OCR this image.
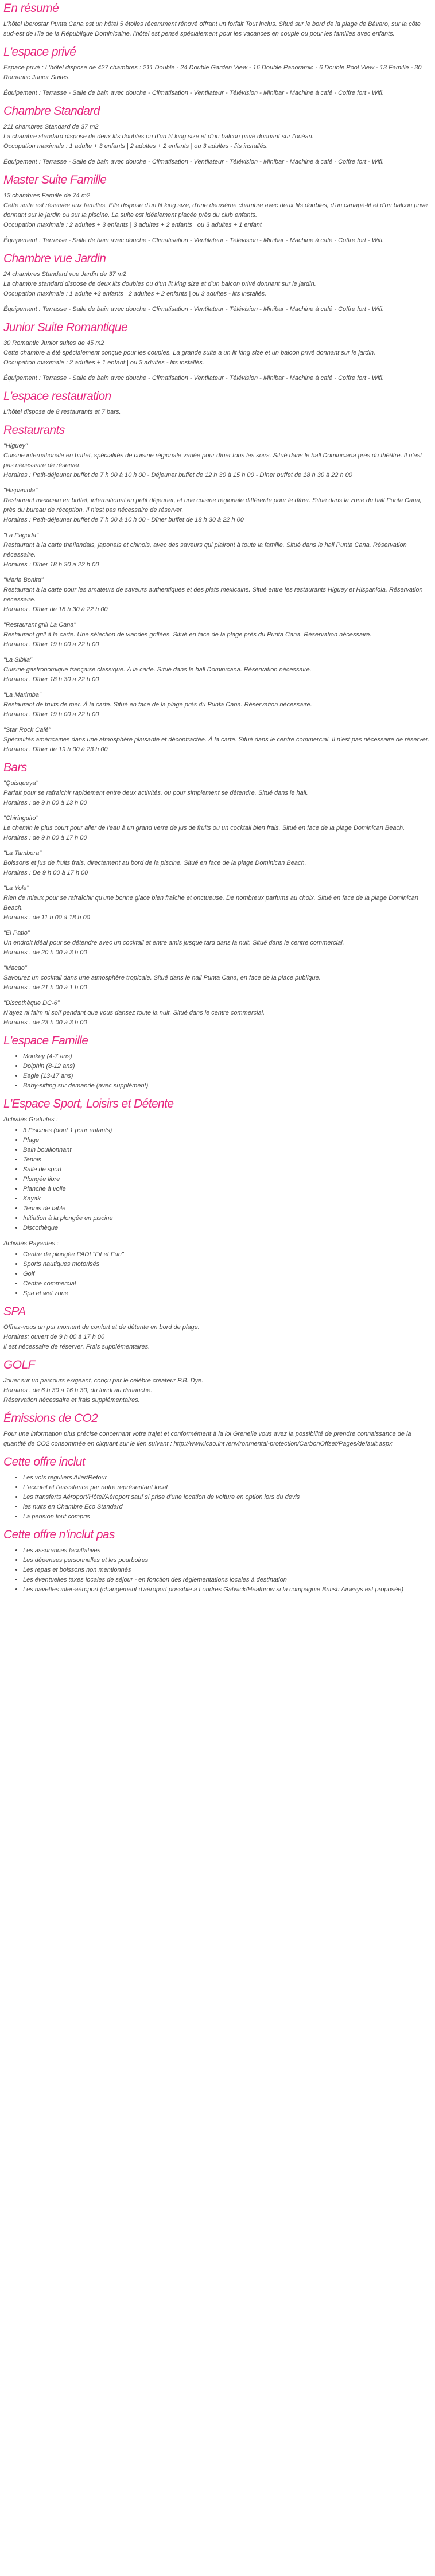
En résumé

L'hôtel Iberostar Punta Cana est un hôtel 5 étoiles récemment rénové offrant un forfait Tout inclus. Situé sur le bord de la plage de Bávaro, sur la côte sud-est de l'île de la République Dominicaine, l'hôtel est pensé spécialement pour les vacances en couple ou pour les familles avec enfants.

L'espace privé

Espace privé : L'hôtel dispose de 427 chambres : 211 Double - 24 Double Garden View - 16 Double Panoramic - 6 Double Pool View - 13 Famille - 30 Romantic Junior Suites.

Équipement : Terrasse - Salle de bain avec douche - Climatisation - Ventilateur - Télévision - Minibar - Machine à café - Coffre fort - Wifi.

Chambre Standard

211 chambres Standard de 37 m2
La chambre standard dispose de deux lits doubles ou d'un lit king size et d'un balcon privé donnant sur l'océan.
Occupation maximale : 1 adulte + 3 enfants | 2 adultes + 2 enfants | ou 3 adultes - lits installés.

Équipement : Terrasse - Salle de bain avec douche - Climatisation - Ventilateur - Télévision - Minibar - Machine à café - Coffre fort - Wifi.

Master Suite Famille

13 chambres Famille de 74 m2
Cette suite est réservée aux familles. Elle dispose d'un lit king size, d'une deuxième chambre avec deux lits doubles, d'un canapé-lit et d'un balcon privé donnant sur le jardin ou sur la piscine. La suite est idéalement placée près du club enfants.
Occupation maximale : 2 adultes + 3 enfants | 3 adultes + 2 enfants | ou 3 adultes + 1 enfant

Équipement : Terrasse - Salle de bain avec douche - Climatisation - Ventilateur - Télévision - Minibar - Machine à café - Coffre fort - Wifi.

Chambre vue Jardin

24 chambres Standard vue Jardin de 37 m2
La chambre standard dispose de deux lits doubles ou d'un lit king size et d'un balcon privé donnant sur le jardin.
Occupation maximale : 1 adulte +3 enfants | 2 adultes + 2 enfants | ou 3 adultes - lits installés.

Équipement : Terrasse - Salle de bain avec douche - Climatisation - Ventilateur - Télévision - Minibar - Machine à café - Coffre fort - Wifi.

Junior Suite Romantique

30 Romantic Junior suites de 45 m2
Cette chambre a été spécialement conçue pour les couples. La grande suite a un lit king size et un balcon privé donnant sur le jardin.
Occupation maximale : 2 adultes + 1 enfant | ou 3 adultes - lits installés.

Équipement : Terrasse - Salle de bain avec douche - Climatisation - Ventilateur - Télévision - Minibar - Machine à café - Coffre fort - Wifi.

L'espace restauration

L'hôtel dispose de 8 restaurants et 7 bars.

Restaurants
"Higuey"
Cuisine internationale en buffet, spécialités de cuisine régionale variée pour dîner tous les soirs. Situé dans le hall Dominicana près du théâtre. Il n'est pas nécessaire de réserver.
Horaires : Petit-déjeuner buffet de 7 h 00 à 10 h 00 - Déjeuner buffet de 12 h 30 à 15 h 00 - Dîner buffet de 18 h 30 à 22 h 00
"Hispaniola"
Restaurant mexicain en buffet, international au petit déjeuner, et une cuisine régionale différente pour le dîner. Situé dans la zone du hall Punta Cana, près du bureau de réception. Il n'est pas nécessaire de réserver.
Horaires : Petit-déjeuner buffet de 7 h 00 à 10 h 00 - Dîner buffet de 18 h 30 à 22 h 00
"La Pagoda"
Restaurant à la carte thaïlandais, japonais et chinois, avec des saveurs qui plairont à toute la famille. Situé dans le hall Punta Cana. Réservation nécessaire.
Horaires : Dîner 18 h 30 à 22 h 00
"Maria Bonita"
Restaurant à la carte pour les amateurs de saveurs authentiques et des plats mexicains. Situé entre les restaurants Higuey et Hispaniola. Réservation nécessaire.
Horaires : Dîner de 18 h 30 à 22 h 00
"Restaurant grill La Cana"
Restaurant grill à la carte. Une sélection de viandes grillées. Situé en face de la plage près du Punta Cana. Réservation nécessaire.
Horaires : Dîner 19 h 00 à 22 h 00
"La Sibila"
Cuisine gastronomique française classique. À la carte. Situé dans le hall Dominicana. Réservation nécessaire.
Horaires : Dîner 18 h 30 à 22 h 00
"La Marimba"
Restaurant de fruits de mer. À la carte. Situé en face de la plage près du Punta Cana. Réservation nécessaire.
Horaires : Dîner 19 h 00 à 22 h 00
"Star Rock Café"
Spécialités américaines dans une atmosphère plaisante et décontractée. À la carte. Situé dans le centre commercial. Il n'est pas nécessaire de réserver.
Horaires : Dîner de 19 h 00 à 23 h 00
Bars
"Quisqueya"
Parfait pour se rafraîchir rapidement entre deux activités, ou pour simplement se détendre. Situé dans le hall.
Horaires : de 9 h 00 à 13 h 00
"Chiringuito"
Le chemin le plus court pour aller de l'eau à un grand verre de jus de fruits ou un cocktail bien frais. Situé en face de la plage Dominican Beach.
Horaires : de 9 h 00 à 17 h 00
"La Tambora"
Boissons et jus de fruits frais, directement au bord de la piscine. Situé en face de la plage Dominican Beach.
Horaires : De 9 h 00 à 17 h 00
"La Yola"
Rien de mieux pour se rafraîchir qu'une bonne glace bien fraîche et onctueuse. De nombreux parfums au choix. Situé en face de la plage Dominican Beach.
Horaires : de 11 h 00 à 18 h 00
"El Patio"
Un endroit idéal pour se détendre avec un cocktail et entre amis jusque tard dans la nuit. Situé dans le centre commercial.
Horaires : de 20 h 00 à 3 h 00
"Macao"
Savourez un cocktail dans une atmosphère tropicale. Situé dans le hall Punta Cana, en face de la place publique.
Horaires : de 21 h 00 à 1 h 00
"Discothèque DC-6"
N'ayez ni faim ni soif pendant que vous dansez toute la nuit. Situé dans le centre commercial.
Horaires : de 23 h 00 à 3 h 00
L'espace Famille
• Monkey (4-7 ans)
• Dolphin (8-12 ans)
• Eagle (13-17 ans)
• Baby-sitting sur demande (avec supplément).
L'Espace Sport, Loisirs et Détente

Activités Gratuites :

• 3 Piscines (dont 1 pour enfants)
• Plage
• Bain bouillonnant
• Tennis
• Salle de sport
• Plongée libre
• Planche à voile
• Kayak
• Tennis de table
• Initiation à la plongée en piscine
• Discothèque

Activités Payantes :

• Centre de plongée PADI "Fit et Fun"
• Sports nautiques motorisés
• Golf
• Centre commercial
• Spa et wet zone
SPA

Offrez-vous un pur moment de confort et de détente en bord de plage.
Horaires: ouvert de 9 h 00 à 17 h 00
Il est nécessaire de réserver. Frais supplémentaires.

GOLF

Jouer sur un parcours exigeant, conçu par le célèbre créateur P.B. Dye.
Horaires : de 6 h 30 à 16 h 30, du lundi au dimanche.
Réservation nécessaire et frais supplémentaires.

Émissions de CO2

Pour une information plus précise concernant votre trajet et conformément à la loi Grenelle vous avez la possibilité de prendre connaissance de la quantité de CO2 consommée en cliquant sur le lien suivant : http://www.icao.int /environmental-protection/CarbonOffset/Pages/default.aspx

Cette offre inclut
• Les vols réguliers Aller/Retour
• L'accueil et l'assistance par notre représentant local
• Les transferts Aéroport/Hôtel/Aéroport sauf si prise d'une location de voiture en option lors du devis
• les nuits en Chambre Eco Standard
• La pension tout compris
Cette offre n'inclut pas
• Les assurances facultatives
• Les dépenses personnelles et les pourboires
• Les repas et boissons non mentionnés
• Les éventuelles taxes locales de séjour - en fonction des réglementations locales à destination
• Les navettes inter-aéroport (changement d'aéroport possible à Londres Gatwick/Heathrow si la compagnie British Airways est proposée)
